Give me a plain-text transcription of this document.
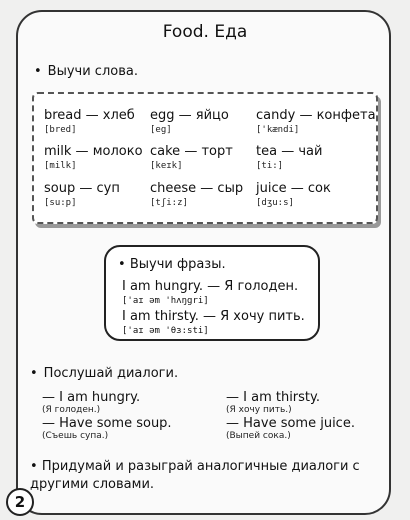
Food. Еда
• Выучи слова.
bread — хлеб
[bred]
egg — яйцо
[eg]
candy — конфета
['kændi]
milk — молоко
[milk]
cake — торт
[keɪk]
tea — чай
[ti:]
soup — суп
[su:p]
cheese — сыр
[tʃi:z]
juice — сок
[dʒu:s]
• Выучи фразы.
I am hungry. — Я голоден.
['aɪ əm 'hʌŋgri]
I am thirsty. — Я хочу пить.
['aɪ əm 'θɜ:sti]
• Послушай диалоги.
— I am hungry.
(Я голоден.)
— Have some soup.
(Съешь супа.)
— I am thirsty.
(Я хочу пить.)
— Have some juice.
(Выпей сока.)
• Придумай и разыграй аналогичные диалоги с другими словами.
2
